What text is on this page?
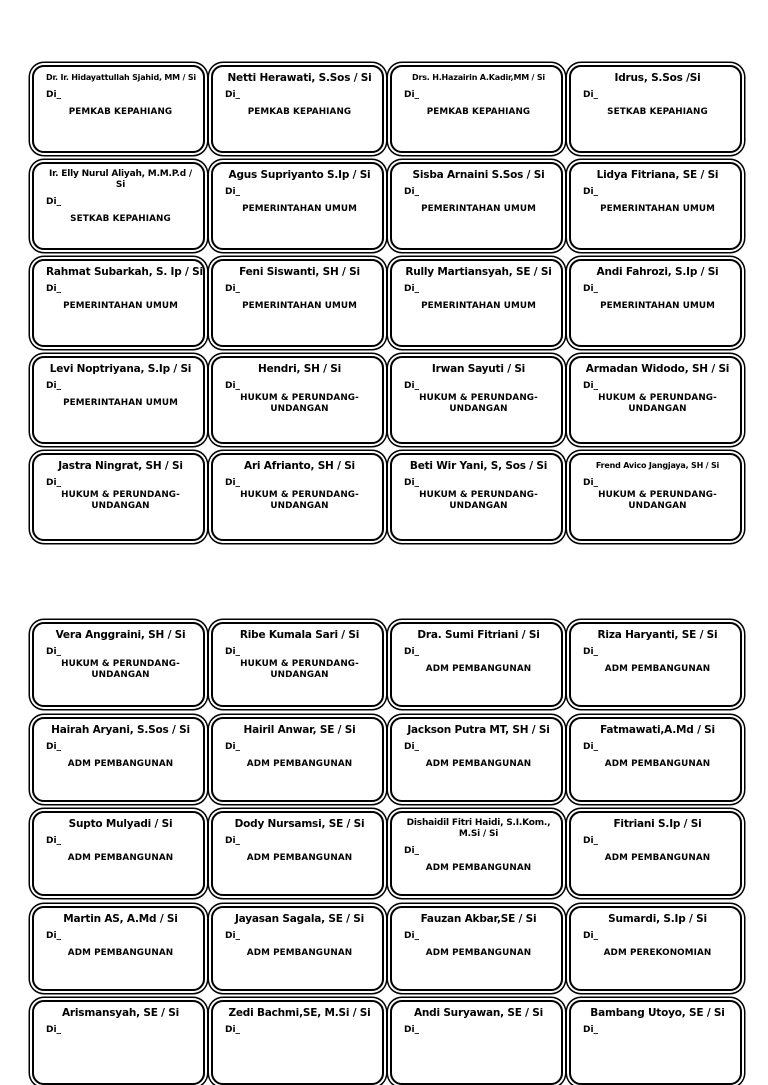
Dr. Ir. Hidayattullah Sjahid, MM / Si
Di_
PEMKAB KEPAHIANG
Netti Herawati, S.Sos / Si
Di_
PEMKAB KEPAHIANG
Drs. H.Hazairin A.Kadir,MM / Si
Di_
PEMKAB KEPAHIANG
Idrus, S.Sos /Si
Di_
SETKAB KEPAHIANG
Ir. Elly Nurul Aliyah, M.M.P.d / Si
Di_
SETKAB KEPAHIANG
Agus Supriyanto S.Ip / Si
Di_
PEMERINTAHAN UMUM
Sisba Arnaini S.Sos / Si
Di_
PEMERINTAHAN UMUM
Lidya Fitriana, SE / Si
Di_
PEMERINTAHAN UMUM
Rahmat Subarkah, S. Ip / Si
Di_
PEMERINTAHAN UMUM
Feni Siswanti, SH / Si
Di_
PEMERINTAHAN UMUM
Rully Martiansyah, SE / Si
Di_
PEMERINTAHAN UMUM
Andi Fahrozi, S.Ip / Si
Di_
PEMERINTAHAN UMUM
Levi Noptriyana, S.Ip / Si
Di_
PEMERINTAHAN UMUM
Hendri, SH / Si
Di_
HUKUM & PERUNDANG-UNDANGAN
Irwan Sayuti / Si
Di_
HUKUM & PERUNDANG-UNDANGAN
Armadan Widodo, SH / Si
Di_
HUKUM & PERUNDANG-UNDANGAN
Jastra Ningrat, SH / Si
Di_
HUKUM & PERUNDANG-UNDANGAN
Ari Afrianto, SH / Si
Di_
HUKUM & PERUNDANG-UNDANGAN
Beti Wir Yani, S, Sos / Si
Di_
HUKUM & PERUNDANG-UNDANGAN
Frend Avico Jangjaya, SH / Si
Di_
HUKUM & PERUNDANG-UNDANGAN
Vera Anggraini, SH / Si
Di_
HUKUM & PERUNDANG-UNDANGAN
Ribe Kumala Sari / Si
Di_
HUKUM & PERUNDANG-UNDANGAN
Dra. Sumi Fitriani / Si
Di_
ADM PEMBANGUNAN
Riza Haryanti, SE / Si
Di_
ADM PEMBANGUNAN
Hairah Aryani, S.Sos / Si
Di_
ADM PEMBANGUNAN
Hairil Anwar, SE / Si
Di_
ADM PEMBANGUNAN
Jackson Putra MT, SH / Si
Di_
ADM PEMBANGUNAN
Fatmawati,A.Md / Si
Di_
ADM PEMBANGUNAN
Supto Mulyadi / Si
Di_
ADM PEMBANGUNAN
Dody Nursamsi, SE / Si
Di_
ADM PEMBANGUNAN
Dishaidil Fitri Haidi, S.I.Kom., M.Si / Si
Di_
ADM PEMBANGUNAN
Fitriani S.Ip / Si
Di_
ADM PEMBANGUNAN
Martin AS, A.Md / Si
Di_
ADM PEMBANGUNAN
Jayasan Sagala, SE / Si
Di_
ADM PEMBANGUNAN
Fauzan Akbar,SE / Si
Di_
ADM PEMBANGUNAN
Sumardi, S.Ip / Si
Di_
ADM PEREKONOMIAN
Arismansyah, SE / Si
Di_
Zedi Bachmi,SE, M.Si / Si
Di_
Andi Suryawan, SE / Si
Di_
Bambang Utoyo, SE / Si
Di_
